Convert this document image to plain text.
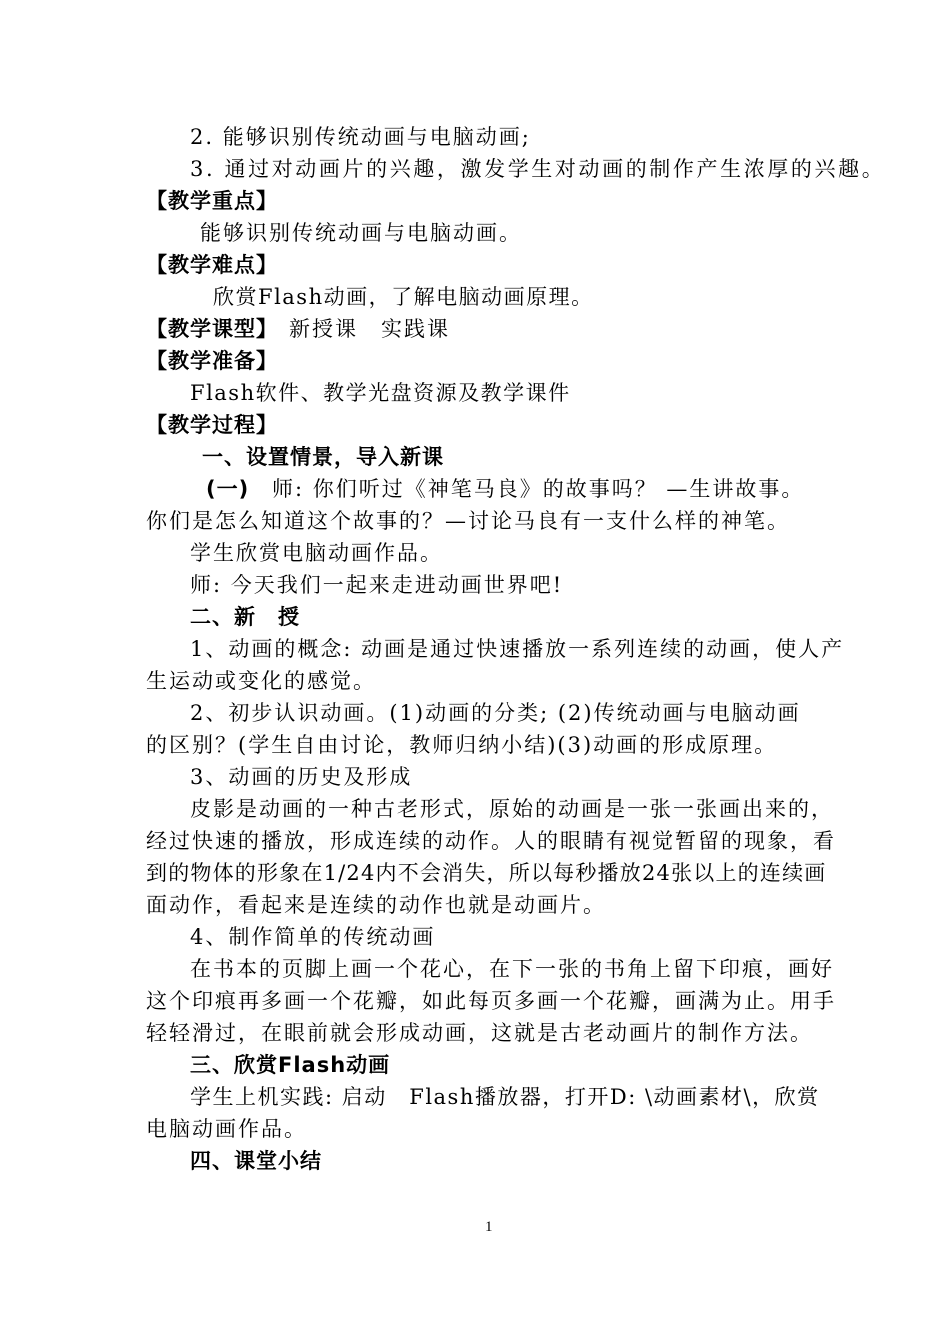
2. 能够识别传统动画与电脑动画;
3. 通过对动画片的兴趣，激发学生对动画的制作产生浓厚的兴趣。
【教学重点】
能够识别传统动画与电脑动画。
【教学难点】
欣赏Flash动画，了解电脑动画原理。
【教学课型】 新授课　实践课
【教学准备】
Flash软件、教学光盘资源及教学课件
【教学过程】
一、设置情景，导入新课
(一) 师: 你们听过《神笔马良》的故事吗？ —生讲故事。
你们是怎么知道这个故事的？—讨论马良有一支什么样的神笔。
学生欣赏电脑动画作品。
师: 今天我们一起来走进动画世界吧!
二、新　授
1、动画的概念: 动画是通过快速播放一系列连续的动画，使人产
生运动或变化的感觉。
2、初步认识动画。(1)动画的分类; (2)传统动画与电脑动画
的区别？(学生自由讨论，教师归纳小结)(3)动画的形成原理。
3、动画的历史及形成
皮影是动画的一种古老形式，原始的动画是一张一张画出来的，
经过快速的播放，形成连续的动作。人的眼睛有视觉暂留的现象，看
到的物体的形象在1/24内不会消失，所以每秒播放24张以上的连续画
面动作，看起来是连续的动作也就是动画片。
4、制作简单的传统动画
在书本的页脚上画一个花心，在下一张的书角上留下印痕，画好
这个印痕再多画一个花瓣，如此每页多画一个花瓣，画满为止。用手
轻轻滑过，在眼前就会形成动画，这就是古老动画片的制作方法。
三、欣赏Flash动画
学生上机实践: 启动　Flash播放器，打开D: \动画素材\，欣赏
电脑动画作品。
四、课堂小结
1
